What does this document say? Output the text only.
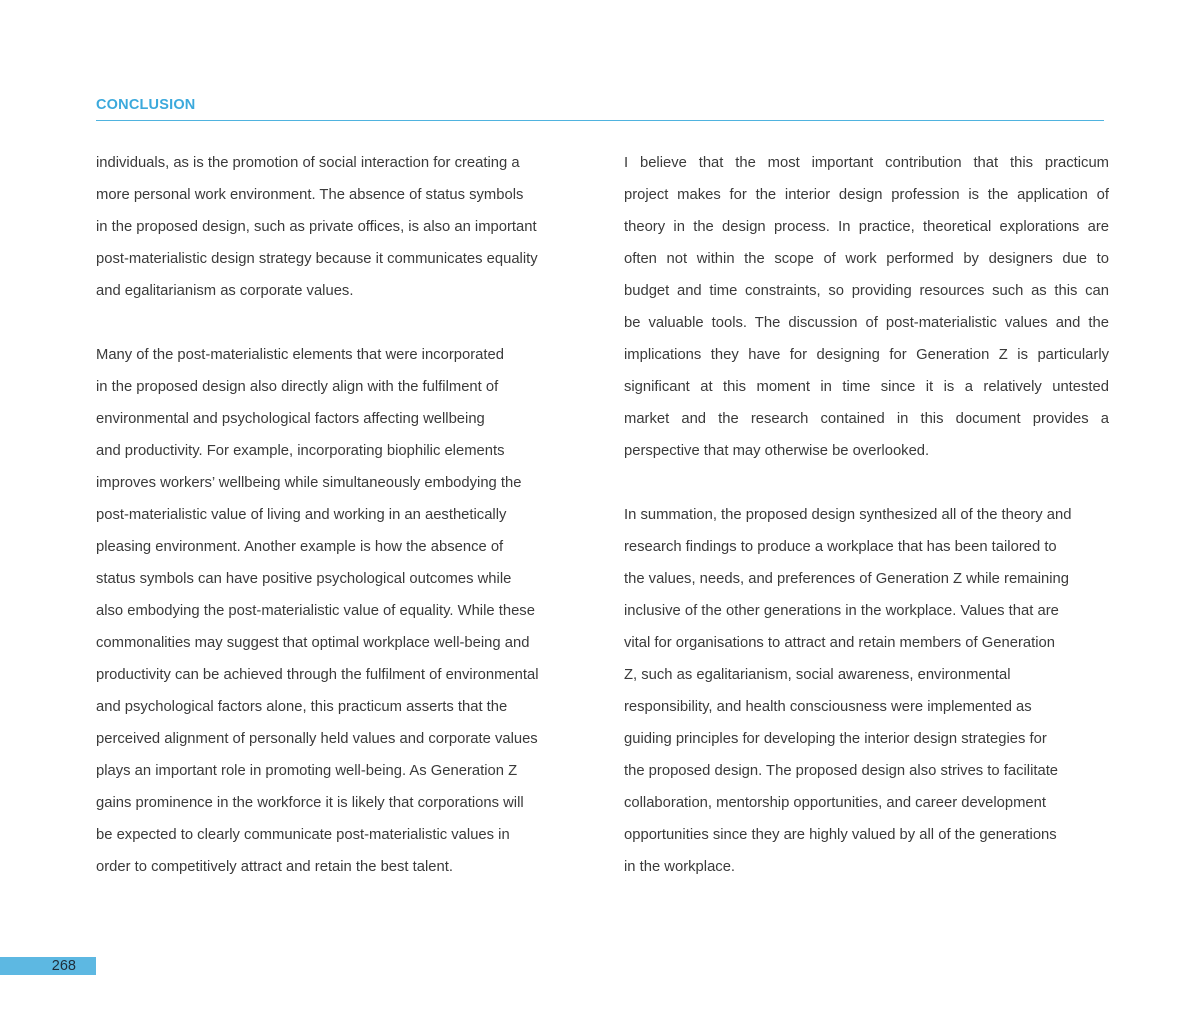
CONCLUSION

individuals, as is the promotion of social interaction for creating a
more personal work environment. The absence of status symbols
in the proposed design, such as private offices, is also an important
post-materialistic design strategy because it communicates equality
and egalitarianism as corporate values.

Many of the post-materialistic elements that were incorporated
in the proposed design also directly align with the fulfilment of
environmental and psychological factors affecting wellbeing
and productivity. For example, incorporating biophilic elements
improves workers’ wellbeing while simultaneously embodying the
post-materialistic value of living and working in an aesthetically
pleasing environment. Another example is how the absence of
status symbols can have positive psychological outcomes while
also embodying the post-materialistic value of equality. While these
commonalities may suggest that optimal workplace well-being and
productivity can be achieved through the fulfilment of environmental
and psychological factors alone, this practicum asserts that the
perceived alignment of personally held values and corporate values
plays an important role in promoting well-being. As Generation Z
gains prominence in the workforce it is likely that corporations will
be expected to clearly communicate post-materialistic values in
order to competitively attract and retain the best talent.

I believe that the most important contribution that this practicum
project makes for the interior design profession is the application of
theory in the design process. In practice, theoretical explorations are
often not within the scope of work performed by designers due to
budget and time constraints, so providing resources such as this can
be valuable tools. The discussion of post-materialistic values and the
implications they have for designing for Generation Z is particularly
significant at this moment in time since it is a relatively untested
market and the research contained in this document provides a
perspective that may otherwise be overlooked.

In summation, the proposed design synthesized all of the theory and
research findings to produce a workplace that has been tailored to
the values, needs, and preferences of Generation Z while remaining
inclusive of the other generations in the workplace. Values that are
vital for organisations to attract and retain members of Generation
Z, such as egalitarianism, social awareness, environmental
responsibility, and health consciousness were implemented as
guiding principles for developing the interior design strategies for
the proposed design. The proposed design also strives to facilitate
collaboration, mentorship opportunities, and career development
opportunities since they are highly valued by all of the generations
in the workplace.

268
